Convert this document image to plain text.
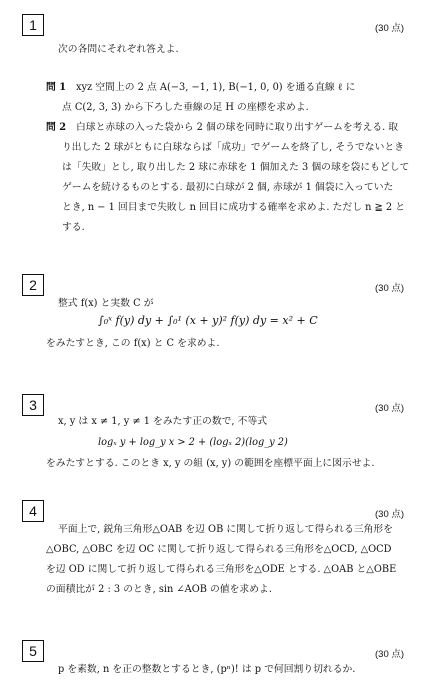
1	(30 点)
次の各問にそれぞれ答えよ.
問 1 xyz 空間上の 2 点 A(−3, −1, 1), B(−1, 0, 0) を通る直線 ℓ に
点 C(2, 3, 3) から下ろした垂線の足 H の座標を求めよ.
問 2 白球と赤球の入った袋から 2 個の球を同時に取り出すゲームを考える. 取
り出した 2 球がともに白球ならば「成功」でゲームを終了し, そうでないとき
は「失敗」とし, 取り出した 2 球に赤球を 1 個加えた 3 個の球を袋にもどして
ゲームを続けるものとする. 最初に白球が 2 個, 赤球が 1 個袋に入っていた
とき, n − 1 回目まで失敗し n 回目に成功する確率を求めよ. ただし n ≧ 2 と
する.
2	(30 点)
整式 f(x) と実数 C が
∫₀ˣ f(y) dy + ∫₀¹ (x + y)² f(y) dy = x² + C
をみたすとき, この f(x) と C を求めよ.
3	(30 点)
x, y は x ≠ 1, y ≠ 1 をみたす正の数で, 不等式
logₓ y + log_y x > 2 + (logₓ 2)(log_y 2)
をみたすとする. このとき x, y の組 (x, y) の範囲を座標平面上に図示せよ.
4	(30 点)
平面上で, 鋭角三角形△OAB を辺 OB に関して折り返して得られる三角形を
△OBC, △OBC を辺 OC に関して折り返して得られる三角形を△OCD, △OCD
を辺 OD に関して折り返して得られる三角形を△ODE とする. △OAB と△OBE
の面積比が 2 : 3 のとき, sin ∠AOB の値を求めよ.
5	(30 点)
p を素数, n を正の整数とするとき, (pⁿ)! は p で何回割り切れるか.
